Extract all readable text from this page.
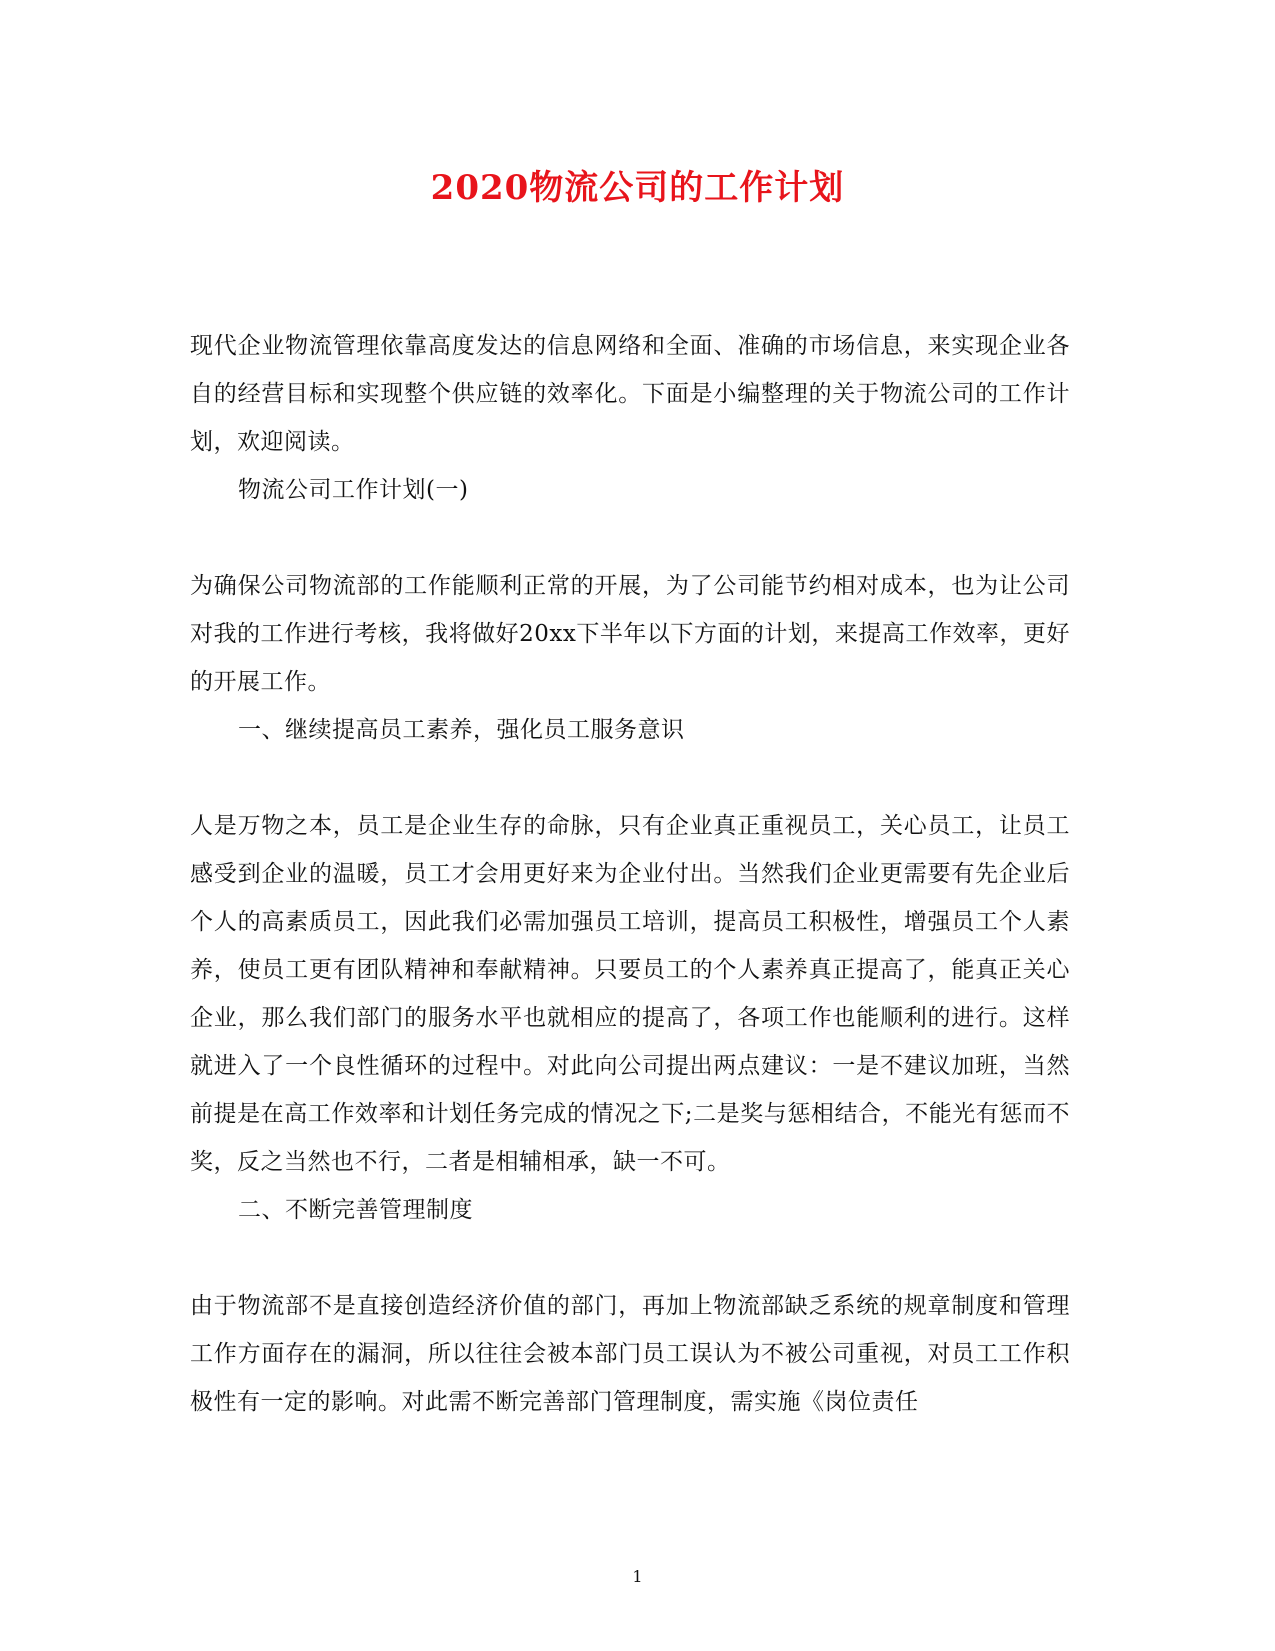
2020物流公司的工作计划

现代企业物流管理依靠高度发达的信息网络和全面、准确的市场信息，来实现企业各自的经营目标和实现整个供应链的效率化。下面是小编整理的关于物流公司的工作计划，欢迎阅读。

物流公司工作计划(一)

为确保公司物流部的工作能顺利正常的开展，为了公司能节约相对成本，也为让公司对我的工作进行考核，我将做好20xx下半年以下方面的计划，来提高工作效率，更好的开展工作。

一、继续提高员工素养，强化员工服务意识

人是万物之本，员工是企业生存的命脉，只有企业真正重视员工，关心员工，让员工感受到企业的温暖，员工才会用更好来为企业付出。当然我们企业更需要有先企业后个人的高素质员工，因此我们必需加强员工培训，提高员工积极性，增强员工个人素养，使员工更有团队精神和奉献精神。只要员工的个人素养真正提高了，能真正关心企业，那么我们部门的服务水平也就相应的提高了，各项工作也能顺利的进行。这样就进入了一个良性循环的过程中。对此向公司提出两点建议：一是不建议加班，当然前提是在高工作效率和计划任务完成的情况之下;二是奖与惩相结合，不能光有惩而不奖，反之当然也不行，二者是相辅相承，缺一不可。

二、不断完善管理制度

由于物流部不是直接创造经济价值的部门，再加上物流部缺乏系统的规章制度和管理工作方面存在的漏洞，所以往往会被本部门员工误认为不被公司重视，对员工工作积极性有一定的影响。对此需不断完善部门管理制度，需实施《岗位责任

1
